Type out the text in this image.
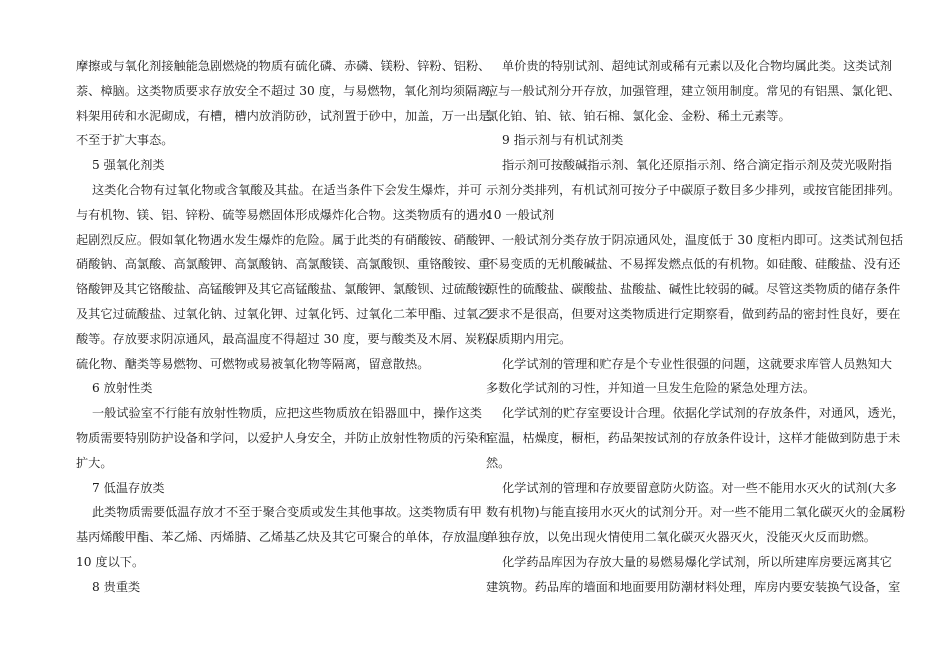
摩擦或与氧化剂接触能急剧燃烧的物质有硫化磷、赤磷、镁粉、锌粉、铝粉、
萘、樟脑。这类物质要求存放安全不超过 30 度，与易燃物，氧化剂均须隔离，
料架用砖和水泥砌成，有槽，槽内放消防砂，试剂置于砂中，加盖，万一出是
不至于扩大事态。
5 强氧化剂类
这类化合物有过氧化物或含氧酸及其盐。在适当条件下会发生爆炸，并可
与有机物、镁、铝、锌粉、硫等易燃固体形成爆炸化合物。这类物质有的遇水
起剧烈反应。假如氧化物遇水发生爆炸的危险。属于此类的有硝酸铵、硝酸钾、
硝酸钠、高氯酸、高氯酸钾、高氯酸钠、高氯酸镁、高氯酸钡、重铬酸铵、重
铬酸钾及其它铬酸盐、高锰酸钾及其它高锰酸盐、氯酸钾、氯酸钡、过硫酸铵
及其它过硫酸盐、过氧化钠、过氧化钾、过氧化钙、过氧化二苯甲酯、过氧乙
酸等。存放要求阴凉通风，最高温度不得超过 30 度，要与酸类及木屑、炭粉、
硫化物、醣类等易燃物、可燃物或易被氧化物等隔离，留意散热。
6 放射性类
一般试验室不行能有放射性物质，应把这些物质放在铅器皿中，操作这类
物质需要特别防护设备和学问，以爱护人身安全，并防止放射性物质的污染和
扩大。
7 低温存放类
此类物质需要低温存放才不至于聚合变质或发生其他事故。这类物质有甲
基丙烯酸甲酯、苯乙烯、丙烯腈、乙烯基乙炔及其它可聚合的单体，存放温度
10 度以下。
8 贵重类
单价贵的特别试剂、超纯试剂或稀有元素以及化合物均属此类。这类试剂
应与一般试剂分开存放，加强管理，建立领用制度。常见的有铝黑、氯化钯、
氯化铂、铂、铱、铂石棉、氯化金、金粉、稀土元素等。
9 指示剂与有机试剂类
指示剂可按酸碱指示剂、氧化还原指示剂、络合滴定指示剂及荧光吸附指
示剂分类排列，有机试剂可按分子中碳原子数目多少排列，或按官能团排列。
10 一般试剂
一般试剂分类存放于阴凉通风处，温度低于 30 度柜内即可。这类试剂包括
不易变质的无机酸碱盐、不易挥发燃点低的有机物。如硅酸、硅酸盐、没有还
原性的硫酸盐、碳酸盐、盐酸盐、碱性比较弱的碱。尽管这类物质的储存条件
要求不是很高，但要对这类物质进行定期察看，做到药品的密封性良好，要在
保质期内用完。
化学试剂的管理和贮存是个专业性很强的问题，这就要求库管人员熟知大
多数化学试剂的习性，并知道一旦发生危险的紧急处理方法。
化学试剂的贮存室要设计合理。依据化学试剂的存放条件，对通风，透光，
室温，枯燥度，橱柜，药品架按试剂的存放条件设计，这样才能做到防患于未
然。
化学试剂的管理和存放要留意防火防盗。对一些不能用水灭火的试剂(大多
数有机物)与能直接用水灭火的试剂分开。对一些不能用二氧化碳灭火的金属粉
单独存放，以免出现火情使用二氧化碳灭火器灭火，没能灭火反而助燃。
化学药品库因为存放大量的易燃易爆化学试剂，所以所建库房要远离其它
建筑物。药品库的墙面和地面要用防潮材料处理，库房内要安装换气设备，室
